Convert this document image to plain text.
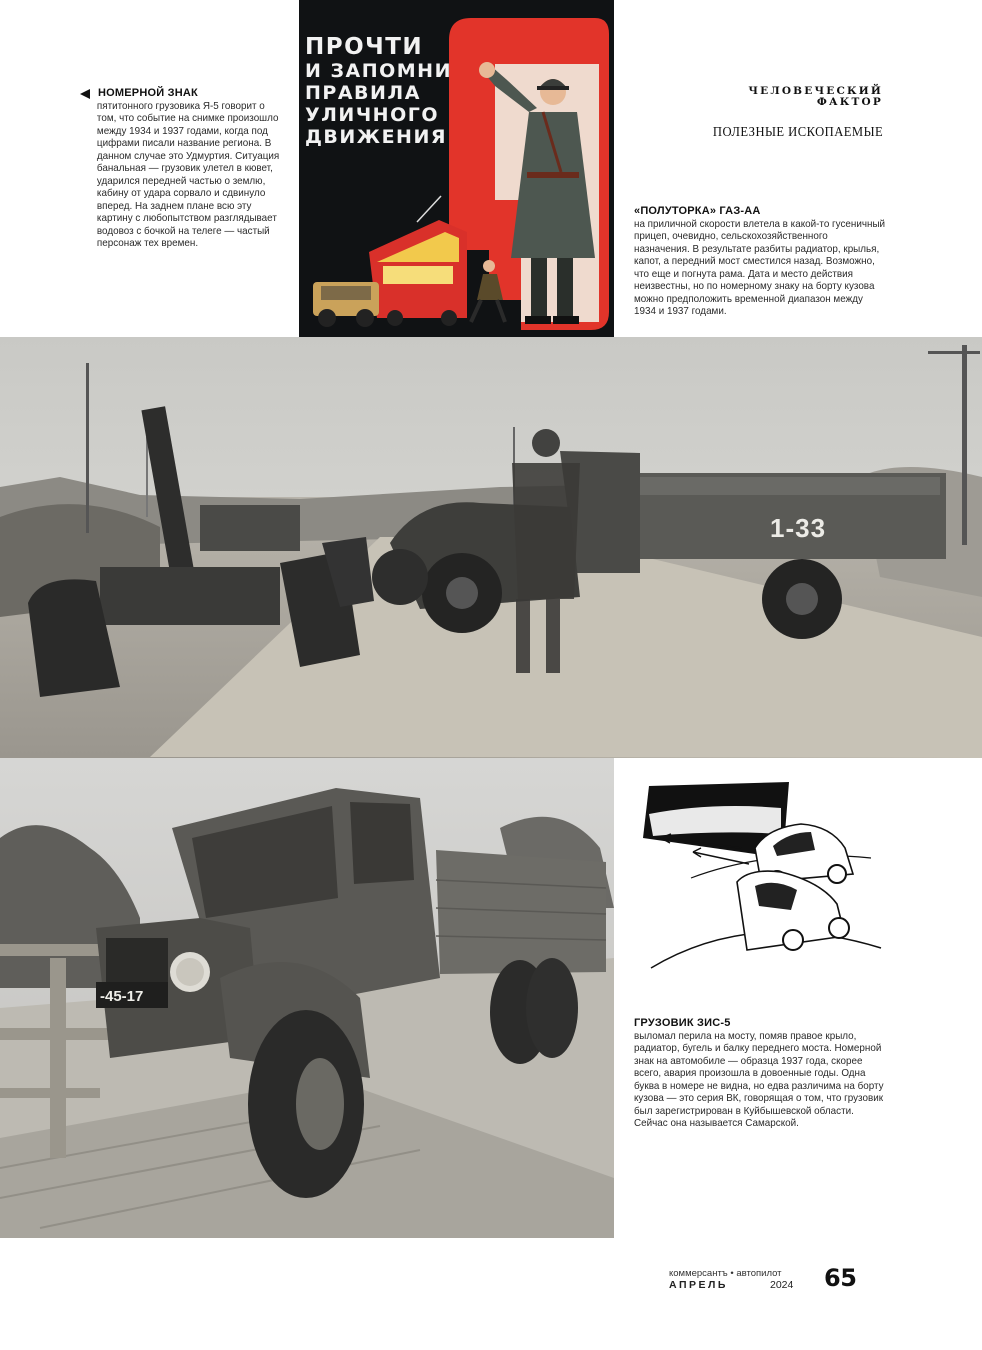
НОМЕРНОЙ ЗНАК
пятитонного грузовика Я-5 говорит о том, что событие на снимке произошло между 1934 и 1937 годами, когда под цифрами писали название региона. В данном случае это Удмуртия. Ситуация банальная — грузовик улетел в кювет, ударился передней частью о землю, кабину от удара сорвало и сдвинуло вперед. На заднем плане всю эту картину с любопытством разглядывает водовоз с бочкой на телеге — частый персонаж тех времен.
ПРОЧТИ
И ЗАПОМНИ
ПРАВИЛА
УЛИЧНОГО
ДВИЖЕНИЯ
ЧЕЛОВЕЧЕСКИЙ
ФАКТОР
ПОЛЕЗНЫЕ ИСКОПАЕМЫЕ
«ПОЛУТОРКА» ГАЗ-АА
на приличной скорости влетела в какой-то гусеничный прицеп, очевидно, сельскохозяйственного назначения. В результате разбиты радиатор, крылья, капот, а передний мост сместился назад. Возможно, что еще и погнута рама. Дата и место действия неизвестны, но по номерному знаку на борту кузова можно предположить временной диапазон между 1934 и 1937 годами.
1-33
-45-17
ГРУЗОВИК ЗИС-5
выломал перила на мосту, помяв правое крыло, радиатор, бугель и балку переднего моста. Номерной знак на автомобиле — образца 1937 года, скорее всего, авария произошла в довоенные годы. Одна буква в номере не видна, но едва различима на борту кузова — это серия ВК, говорящая о том, что грузовик был зарегистрирован в Куйбышевской области. Сейчас она называется Самарской.
коммерсантъ • автопилот
АПРЕЛЬ	2024 65
